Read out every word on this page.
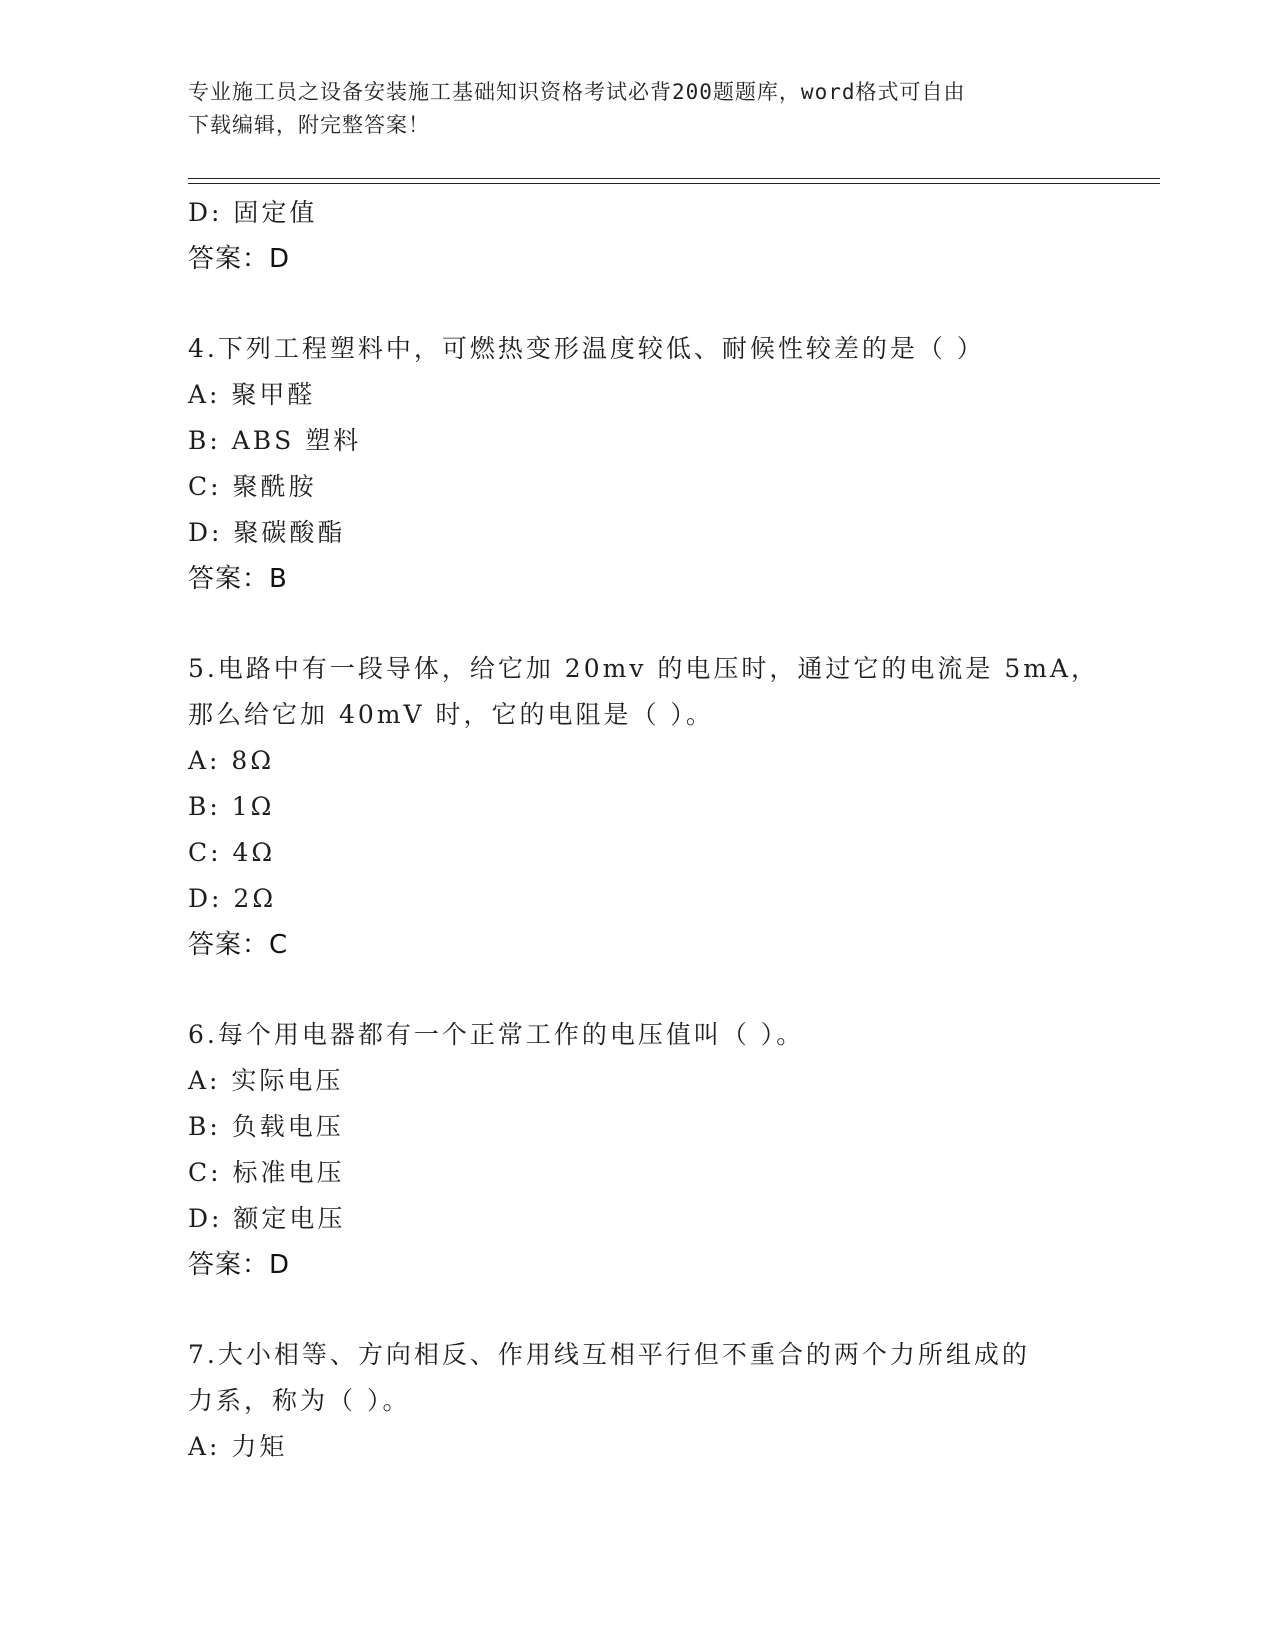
专业施工员之设备安装施工基础知识资格考试必背200题题库，word格式可自由
下载编辑，附完整答案！
D: 固定值
答案：D
4.下列工程塑料中，可燃热变形温度较低、耐候性较差的是（ ）
A: 聚甲醛
B: ABS 塑料
C: 聚酰胺
D: 聚碳酸酯
答案：B
5.电路中有一段导体，给它加 20mv 的电压时，通过它的电流是 5mA，
那么给它加 40mV 时，它的电阻是（ ）。
A: 8Ω
B: 1Ω
C: 4Ω
D: 2Ω
答案：C
6.每个用电器都有一个正常工作的电压值叫（ ）。
A: 实际电压
B: 负载电压
C: 标准电压
D: 额定电压
答案：D
7.大小相等、方向相反、作用线互相平行但不重合的两个力所组成的
力系，称为（ ）。
A: 力矩
